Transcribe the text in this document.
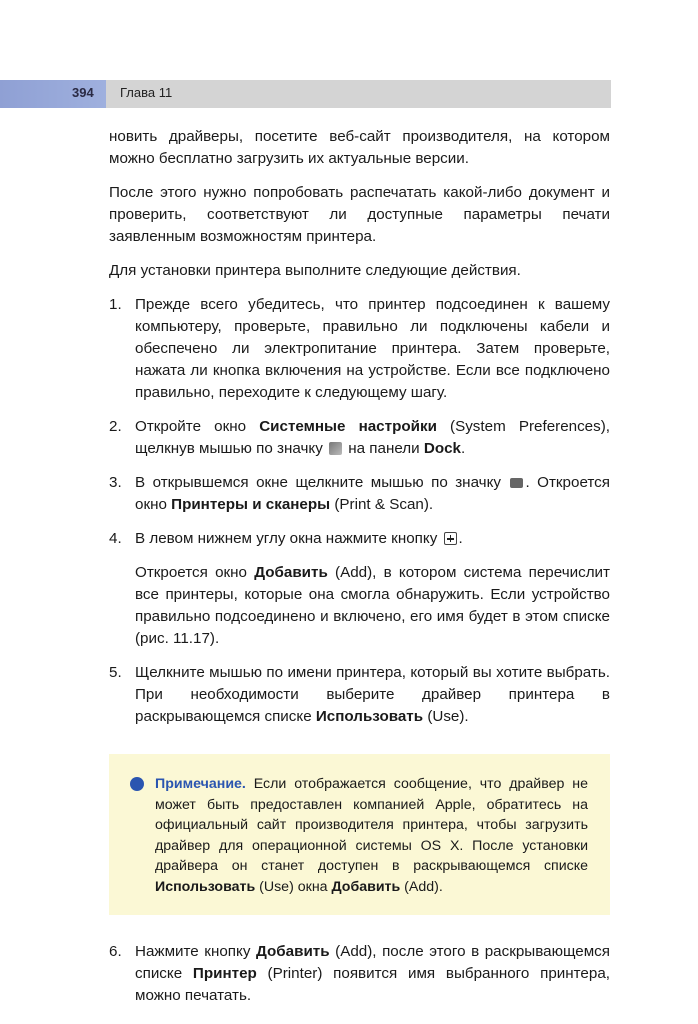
394 Глава 11

новить драйверы, посетите веб-сайт производителя, на котором можно бесплатно загрузить их актуальные версии.

После этого нужно попробовать распечатать какой-либо документ и проверить, соответствуют ли доступные параметры печати заявленным возможностям принтера.

Для установки принтера выполните следующие действия.

1. Прежде всего убедитесь, что принтер подсоединен к вашему компьютеру, проверьте, правильно ли подключены кабели и обеспечено ли электропитание принтера. Затем проверьте, нажата ли кнопка включения на устройстве. Если все подключено правильно, переходите к следующему шагу.
2. Откройте окно Системные настройки (System Preferences), щелкнув мышью по значку  на панели Dock.
3. В открывшемся окне щелкните мышью по значку . Откроется окно Принтеры и сканеры (Print & Scan).
4. В левом нижнем углу окна нажмите кнопку .
Откроется окно Добавить (Add), в котором система перечислит все принтеры, которые она смогла обнаружить. Если устройство правильно подсоединено и включено, его имя будет в этом списке (рис. 11.17).
5. Щелкните мышью по имени принтера, который вы хотите выбрать. При необходимости выберите драйвер принтера в раскрывающемся списке Использовать (Use).
Примечание. Если отображается сообщение, что драйвер не может быть предоставлен компанией Apple, обратитесь на официальный сайт производителя принтера, чтобы загрузить драйвер для операционной системы OS X. После установки драйвера он станет доступен в раскрывающемся списке Использовать (Use) окна Добавить (Add).
6. Нажмите кнопку Добавить (Add), после этого в раскрывающемся списке Принтер (Printer) появится имя выбранного принтера, можно печатать.
